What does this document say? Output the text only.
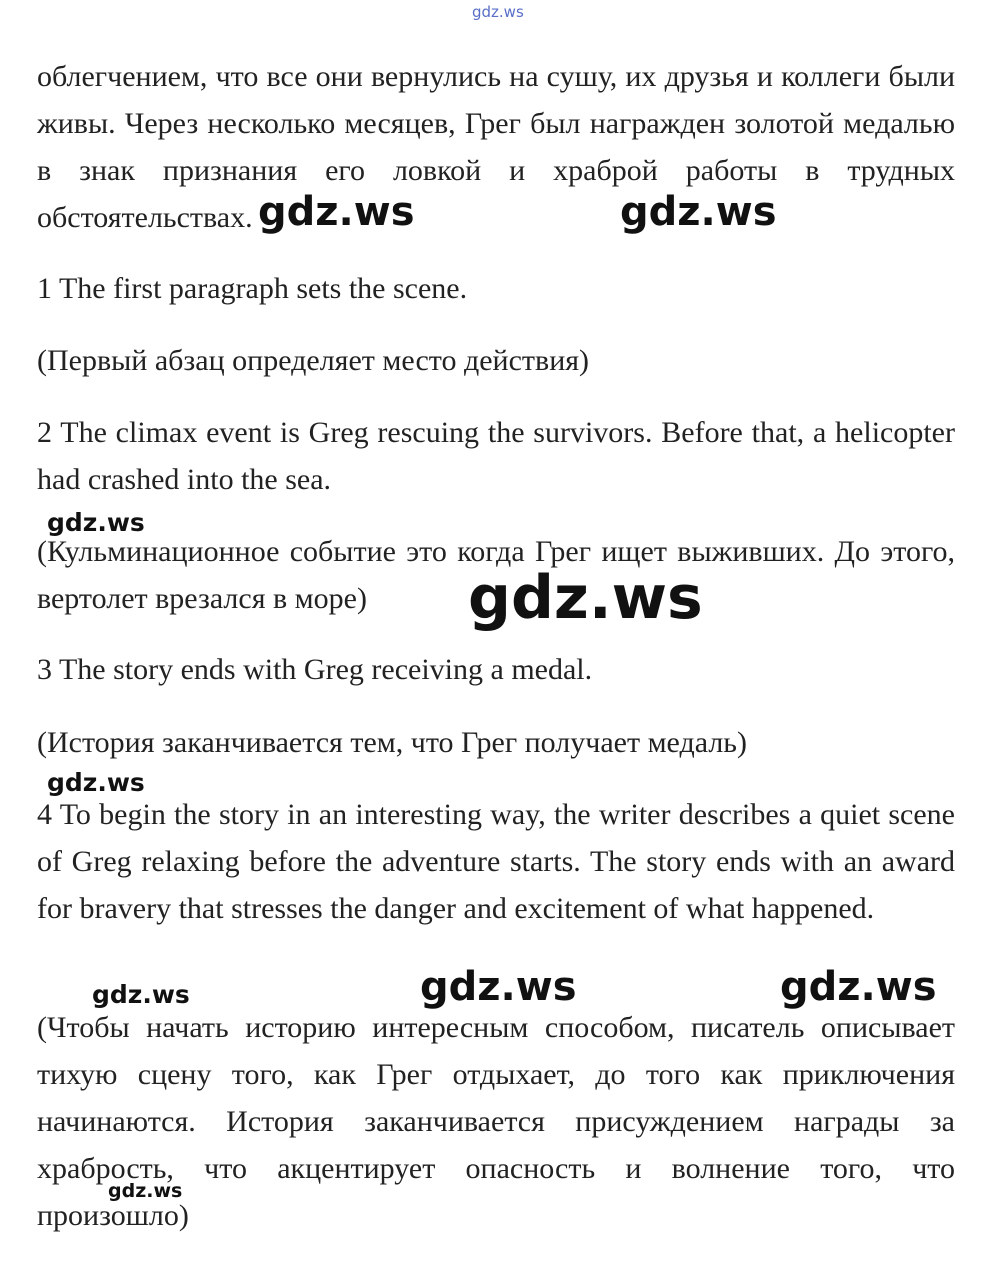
gdz.ws

облегчением, что все они вернулись на сушу, их друзья и коллеги были живы. Через несколько месяцев, Грег был награжден золотой медалью в знак признания его ловкой и храброй работы в трудных обстоятельствах.

1 The first paragraph sets the scene.

(Первый абзац определяет место действия)

2 The climax event is Greg rescuing the survivors. Before that, a helicopter had crashed into the sea.

(Кульминационное событие это когда Грег ищет выживших. До этого, вертолет врезался в море)

3 The story ends with Greg receiving a medal.

(История заканчивается тем, что Грег получает медаль)

4 To begin the story in an interesting way, the writer describes a quiet scene of Greg relaxing before the adventure starts. The story ends with an award for bravery that stresses the danger and excitement of what happened.

(Чтобы начать историю интересным способом, писатель описывает тихую сцену того, как Грег отдыхает, до того как приключения начинаются. История заканчивается присуждением награды за храбрость, что акцентирует опасность и волнение того, что произошло)

gdz.ws	gdz.ws
gdz.ws
gdz.ws
gdz.ws
gdz.ws	gdz.ws	gdz.ws
gdz.ws
